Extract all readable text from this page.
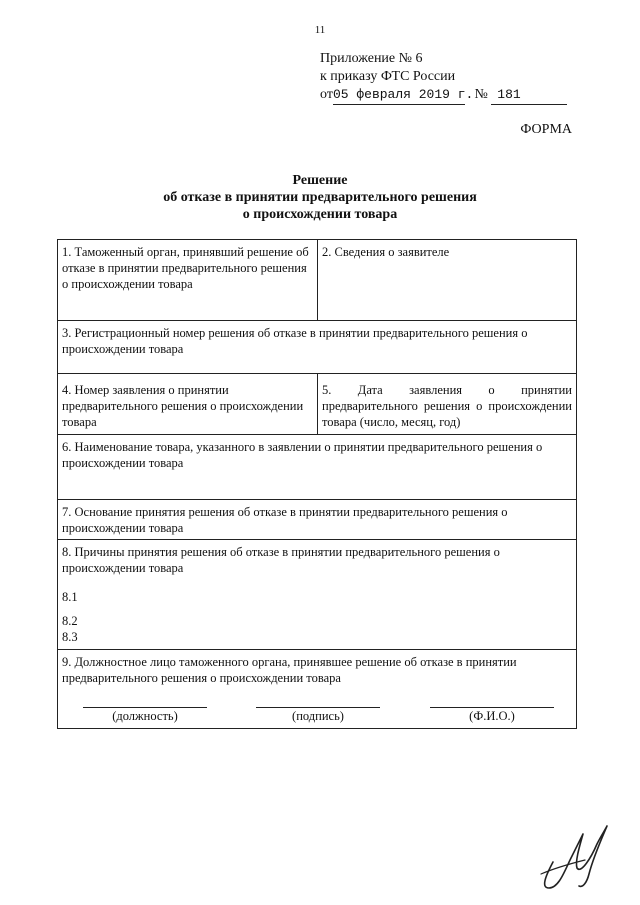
11
Приложение № 6
к приказу ФТС России
от05 февраля 2019 г. № 181
ФОРМА
Решение
об отказе в принятии предварительного решения
о происхождении товара
1. Таможенный орган, принявший решение об отказе в принятии предварительного решения о происхождении товара
2. Сведения о заявителе
3. Регистрационный номер решения об отказе в принятии предварительного решения о происхождении товара
4. Номер заявления о принятии предварительного решения о происхождении товара
5. Дата заявления о принятии предварительного решения о происхождении товара (число, месяц, год)
6. Наименование товара, указанного в заявлении о принятии предварительного решения о происхождении товара
7. Основание принятия решения об отказе в принятии предварительного решения о происхождении товара
8. Причины принятия решения об отказе в принятии предварительного решения о происхождении товара
8.1
8.2
8.3
9. Должностное лицо таможенного органа, принявшее решение об отказе в принятии предварительного решения о происхождении товара
(должность)	(подпись)	(Ф.И.О.)
